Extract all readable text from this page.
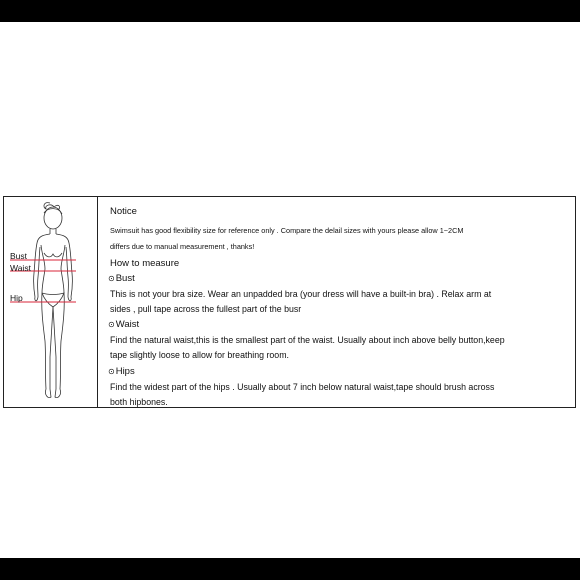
Bust
Waist
Hip
Notice
Swimsuit has good flexibility size for reference only . Compare the delail sizes with yours please allow 1~2CM
differs due to manual measurement , thanks!
How to measure
⊙Bust
This is not your bra size. Wear an unpadded bra (your dress will have a built-in bra) . Relax arm at
sides , pull tape across the fullest part of the busr
⊙Waist
Find the natural waist,this is the smallest part of the waist. Usually about inch above belly button,keep
tape slightly loose to allow for breathing room.
⊙Hips
Find the widest part of the hips . Usually about 7 inch below natural waist,tape should brush across
both hipbones.
